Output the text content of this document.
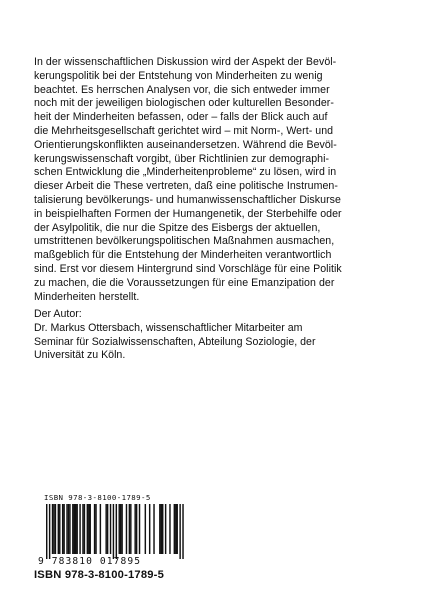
In der wissenschaftlichen Diskussion wird der Aspekt der Bevöl-
kerungspolitik bei der Entstehung von Minderheiten zu wenig
beachtet. Es herrschen Analysen vor, die sich entweder immer
noch mit der jeweiligen biologischen oder kulturellen Besonder-
heit der Minderheiten befassen, oder – falls der Blick auch auf
die Mehrheitsgesellschaft gerichtet wird – mit Norm-, Wert- und
Orientierungskonflikten auseinandersetzen. Während die Bevöl-
kerungswissenschaft vorgibt, über Richtlinien zur demographi-
schen Entwicklung die „Minderheitenprobleme“ zu lösen, wird in
dieser Arbeit die These vertreten, daß eine politische Instrumen-
talisierung bevölkerungs- und humanwissenschaftlicher Diskurse
in beispielhaften Formen der Humangenetik, der Sterbehilfe oder
der Asylpolitik, die nur die Spitze des Eisbergs der aktuellen,
umstrittenen bevölkerungspolitischen Maßnahmen ausmachen,
maßgeblich für die Entstehung der Minderheiten verantwortlich
sind. Erst vor diesem Hintergrund sind Vorschläge für eine Politik
zu machen, die die Voraussetzungen für eine Emanzipation der
Minderheiten herstellt.
Der Autor:
Dr. Markus Ottersbach, wissenschaftlicher Mitarbeiter am
Seminar für Sozialwissenschaften, Abteilung Soziologie, der
Universität zu Köln.
ISBN 978-3-8100-1789-5
9 783810 017895
ISBN 978-3-8100-1789-5
